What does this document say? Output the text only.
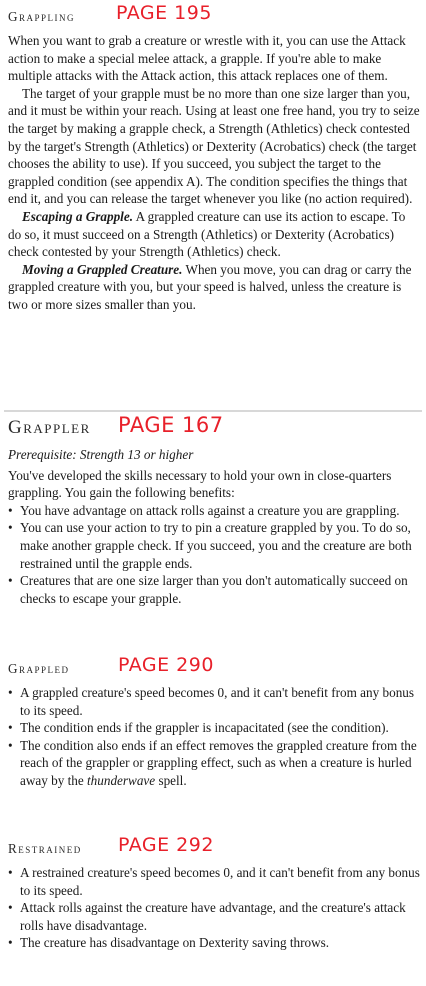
Grappling PAGE 195

When you want to grab a creature or wrestle with it, you can use the Attack action to make a special melee attack, a grapple. If you're able to make multiple attacks with the Attack action, this attack replaces one of them.

The target of your grapple must be no more than one size larger than you, and it must be within your reach. Using at least one free hand, you try to seize the target by making a grapple check, a Strength (Athletics) check contested by the target's Strength (Athletics) or Dexterity (Acrobatics) check (the target chooses the ability to use). If you succeed, you subject the target to the grappled condition (see appendix A). The condition specifies the things that end it, and you can release the target whenever you like (no action required).

Escaping a Grapple. A grappled creature can use its action to escape. To do so, it must succeed on a Strength (Athletics) or Dexterity (Acrobatics) check contested by your Strength (Athletics) check.

Moving a Grappled Creature. When you move, you can drag or carry the grappled creature with you, but your speed is halved, unless the creature is two or more sizes smaller than you.

Grappler PAGE 167

Prerequisite: Strength 13 or higher

You've developed the skills necessary to hold your own in close-quarters grappling. You gain the following benefits:

• You have advantage on attack rolls against a creature you are grappling.
• You can use your action to try to pin a creature grappled by you. To do so, make another grapple check. If you succeed, you and the creature are both restrained until the grapple ends.
• Creatures that are one size larger than you don't automatically succeed on checks to escape your grapple.
Grappled	PAGE 290
• A grappled creature's speed becomes 0, and it can't benefit from any bonus to its speed.
• The condition ends if the grappler is incapacitated (see the condition).
• The condition also ends if an effect removes the grappled creature from the reach of the grappler or grappling effect, such as when a creature is hurled away by the thunderwave spell.
Restrained PAGE 292
• A restrained creature's speed becomes 0, and it can't benefit from any bonus to its speed.
• Attack rolls against the creature have advantage, and the creature's attack rolls have disadvantage.
• The creature has disadvantage on Dexterity saving throws.
